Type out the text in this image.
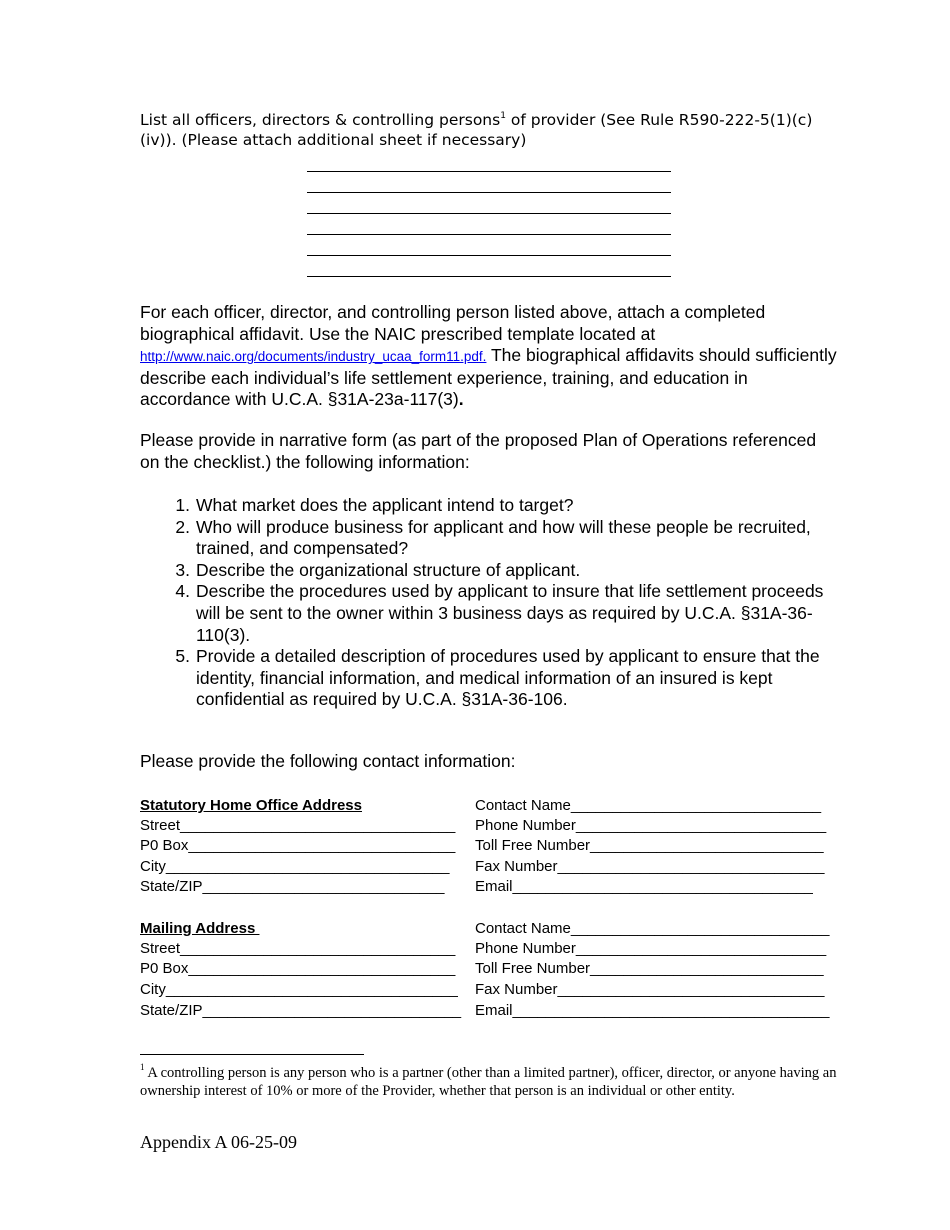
List all officers, directors & controlling persons$^1$ of provider (See Rule R590-222-5(1)(c) (iv)). (Please attach additional sheet if necessary)
For each officer, director, and controlling person listed above, attach a completed biographical affidavit. Use the NAIC prescribed template located at http://www.naic.org/documents/industry_ucaa_form11.pdf. The biographical affidavits should sufficiently describe each individual’s life settlement experience, training, and education in accordance with U.C.A. §31A-23a-117(3).
Please provide in narrative form (as part of the proposed Plan of Operations referenced on the checklist.) the following information:
1. What market does the applicant intend to target?
2. Who will produce business for applicant and how will these people be recruited, trained, and compensated?
3. Describe the organizational structure of applicant.
4. Describe the procedures used by applicant to insure that life settlement proceeds will be sent to the owner within 3 business days as required by U.C.A. §31A-36-110(3).
5. Provide a detailed description of procedures used by applicant to ensure that the identity, financial information, and medical information of an insured is kept confidential as required by U.C.A. §31A-36-106.
Please provide the following contact information:
Statutory Home Office Address
Street_________________________________
P0 Box________________________________
City__________________________________
State/ZIP_____________________________
Contact Name______________________________
Phone Number______________________________
Toll Free Number____________________________
Fax Number________________________________
Email____________________________________
Mailing Address
Street_________________________________
P0 Box________________________________
City___________________________________
State/ZIP_______________________________
Contact Name_______________________________
Phone Number______________________________
Toll Free Number____________________________
Fax Number________________________________
Email______________________________________
$^1$ A controlling person is any person who is a partner (other than a limited partner), officer, director, or anyone having an ownership interest of 10% or more of the Provider, whether that person is an individual or other entity.
Appendix A 06-25-09
